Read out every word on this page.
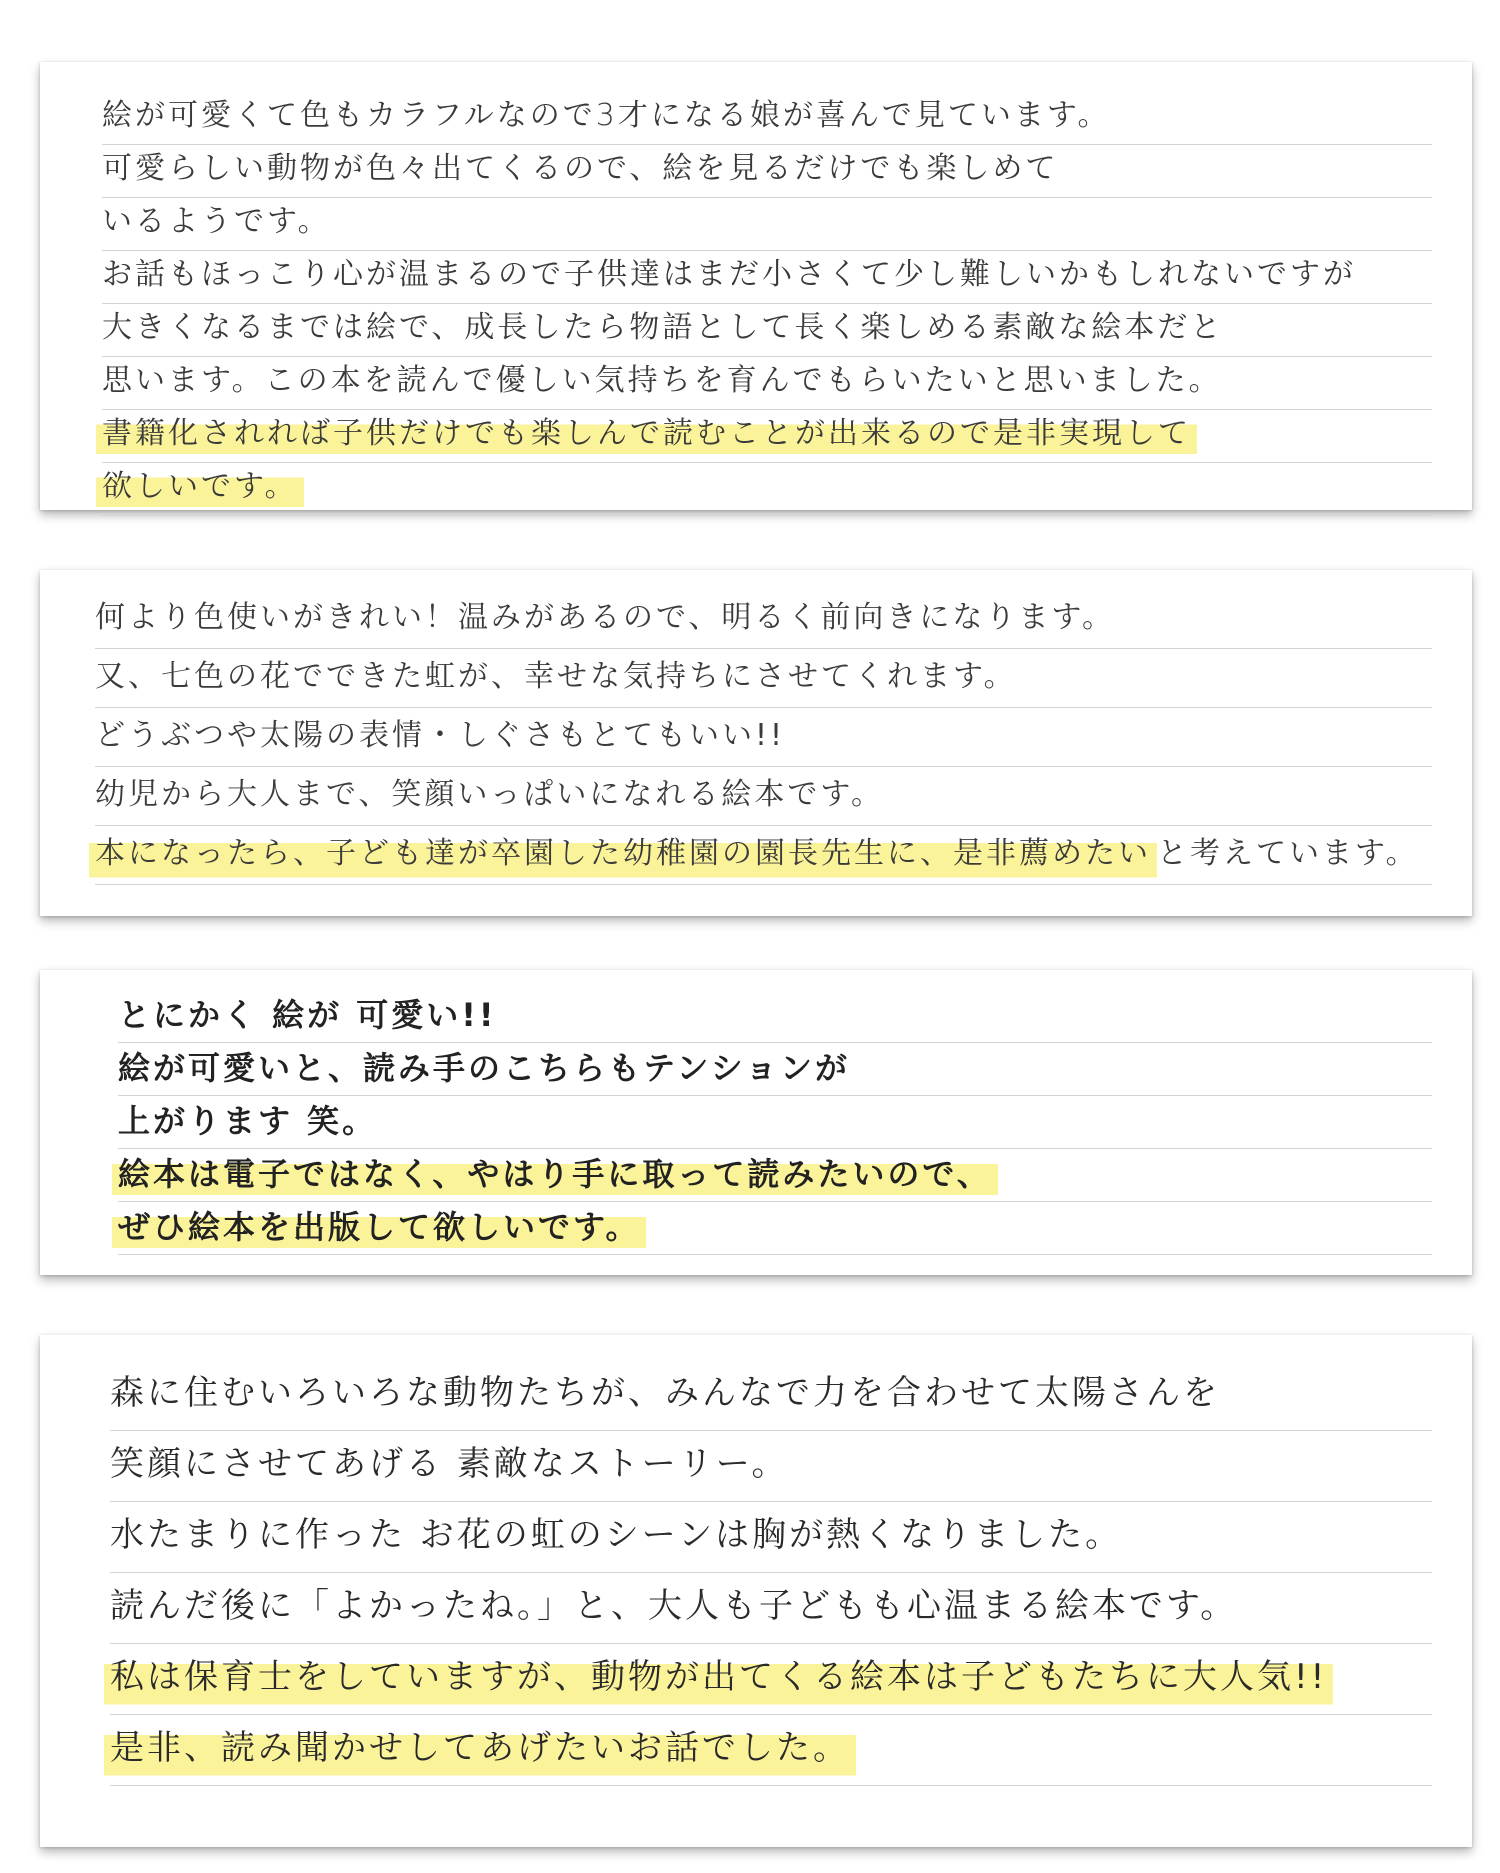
絵が可愛くて色もカラフルなので3才になる娘が喜んで見ています。
可愛らしい動物が色々出てくるので、絵を見るだけでも楽しめて
いるようです。
お話もほっこり心が温まるので子供達はまだ小さくて少し難しいかもしれないですが
大きくなるまでは絵で、成長したら物語として長く楽しめる素敵な絵本だと
思います。この本を読んで優しい気持ちを育んでもらいたいと思いました。
書籍化されれば子供だけでも楽しんで読むことが出来るので是非実現して
欲しいです。
何より色使いがきれい！温みがあるので、明るく前向きになります。
又、七色の花でできた虹が、幸せな気持ちにさせてくれます。
どうぶつや太陽の表情・しぐさもとてもいい!!
幼児から大人まで、笑顔いっぱいになれる絵本です。
本になったら、子ども達が卒園した幼稚園の園長先生に、是非薦めたい と考えています。
とにかく 絵が 可愛い!!
絵が可愛いと、読み手のこちらもテンションが
上がります 笑。
絵本は電子ではなく、やはり手に取って読みたいので、
ぜひ絵本を出版して欲しいです。
森に住むいろいろな動物たちが、みんなで力を合わせて太陽さんを
笑顔にさせてあげる 素敵なストーリー。
水たまりに作った お花の虹のシーンは胸が熱くなりました。
読んだ後に「よかったね。」と、大人も子どもも心温まる絵本です。
私は保育士をしていますが、動物が出てくる絵本は子どもたちに大人気!!
是非、読み聞かせしてあげたいお話でした。
